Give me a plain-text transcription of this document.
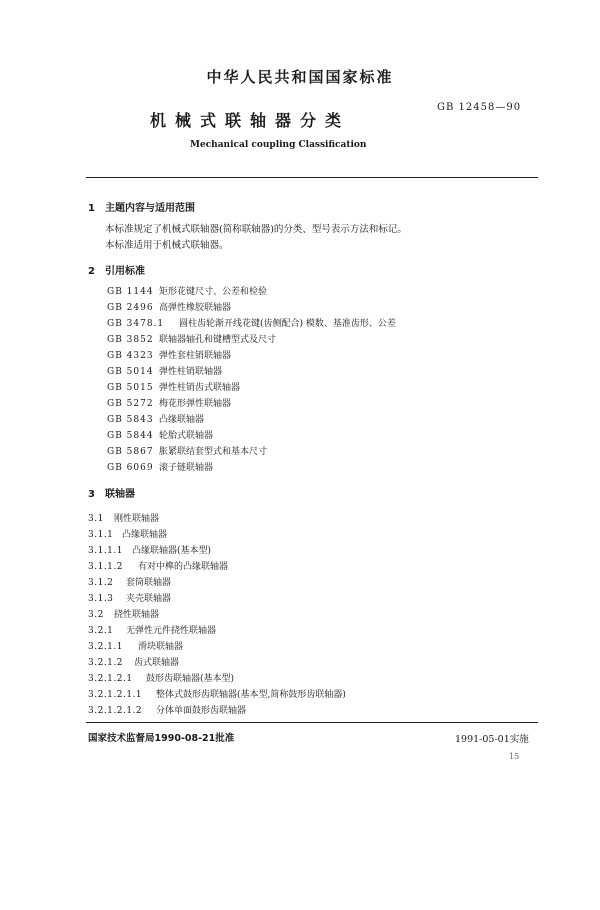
中华人民共和国国家标准
GB 12458—90
机械式联轴器分类
Mechanical coupling Classification
1 主题内容与适用范围
本标准规定了机械式联轴器(简称联轴器)的分类、型号表示方法和标记。
本标准适用于机械式联轴器。
2 引用标准
GB 1144 矩形花键尺寸、公差和检验
GB 2496 高弹性橡胶联轴器
GB 3478.1 圆柱齿轮渐开线花键(齿侧配合) 模数、基准齿形、公差
GB 3852 联轴器轴孔和键槽型式及尺寸
GB 4323 弹性套柱销联轴器
GB 5014 弹性柱销联轴器
GB 5015 弹性柱销齿式联轴器
GB 5272 梅花形弹性联轴器
GB 5843 凸缘联轴器
GB 5844 轮胎式联轴器
GB 5867 胀紧联结套型式和基本尺寸
GB 6069 滚子链联轴器
3 联轴器
3.1 刚性联轴器
3.1.1 凸缘联轴器
3.1.1.1 凸缘联轴器(基本型)
3.1.1.2 有对中榫的凸缘联轴器
3.1.2 套筒联轴器
3.1.3 夹壳联轴器
3.2 挠性联轴器
3.2.1 无弹性元件挠性联轴器
3.2.1.1 滑块联轴器
3.2.1.2 齿式联轴器
3.2.1.2.1 鼓形齿联轴器(基本型)
3.2.1.2.1.1 整体式鼓形齿联轴器(基本型,简称鼓形齿联轴器)
3.2.1.2.1.2 分体单面鼓形齿联轴器
国家技术监督局1990-08-21批准	1991-05-01实施
15
